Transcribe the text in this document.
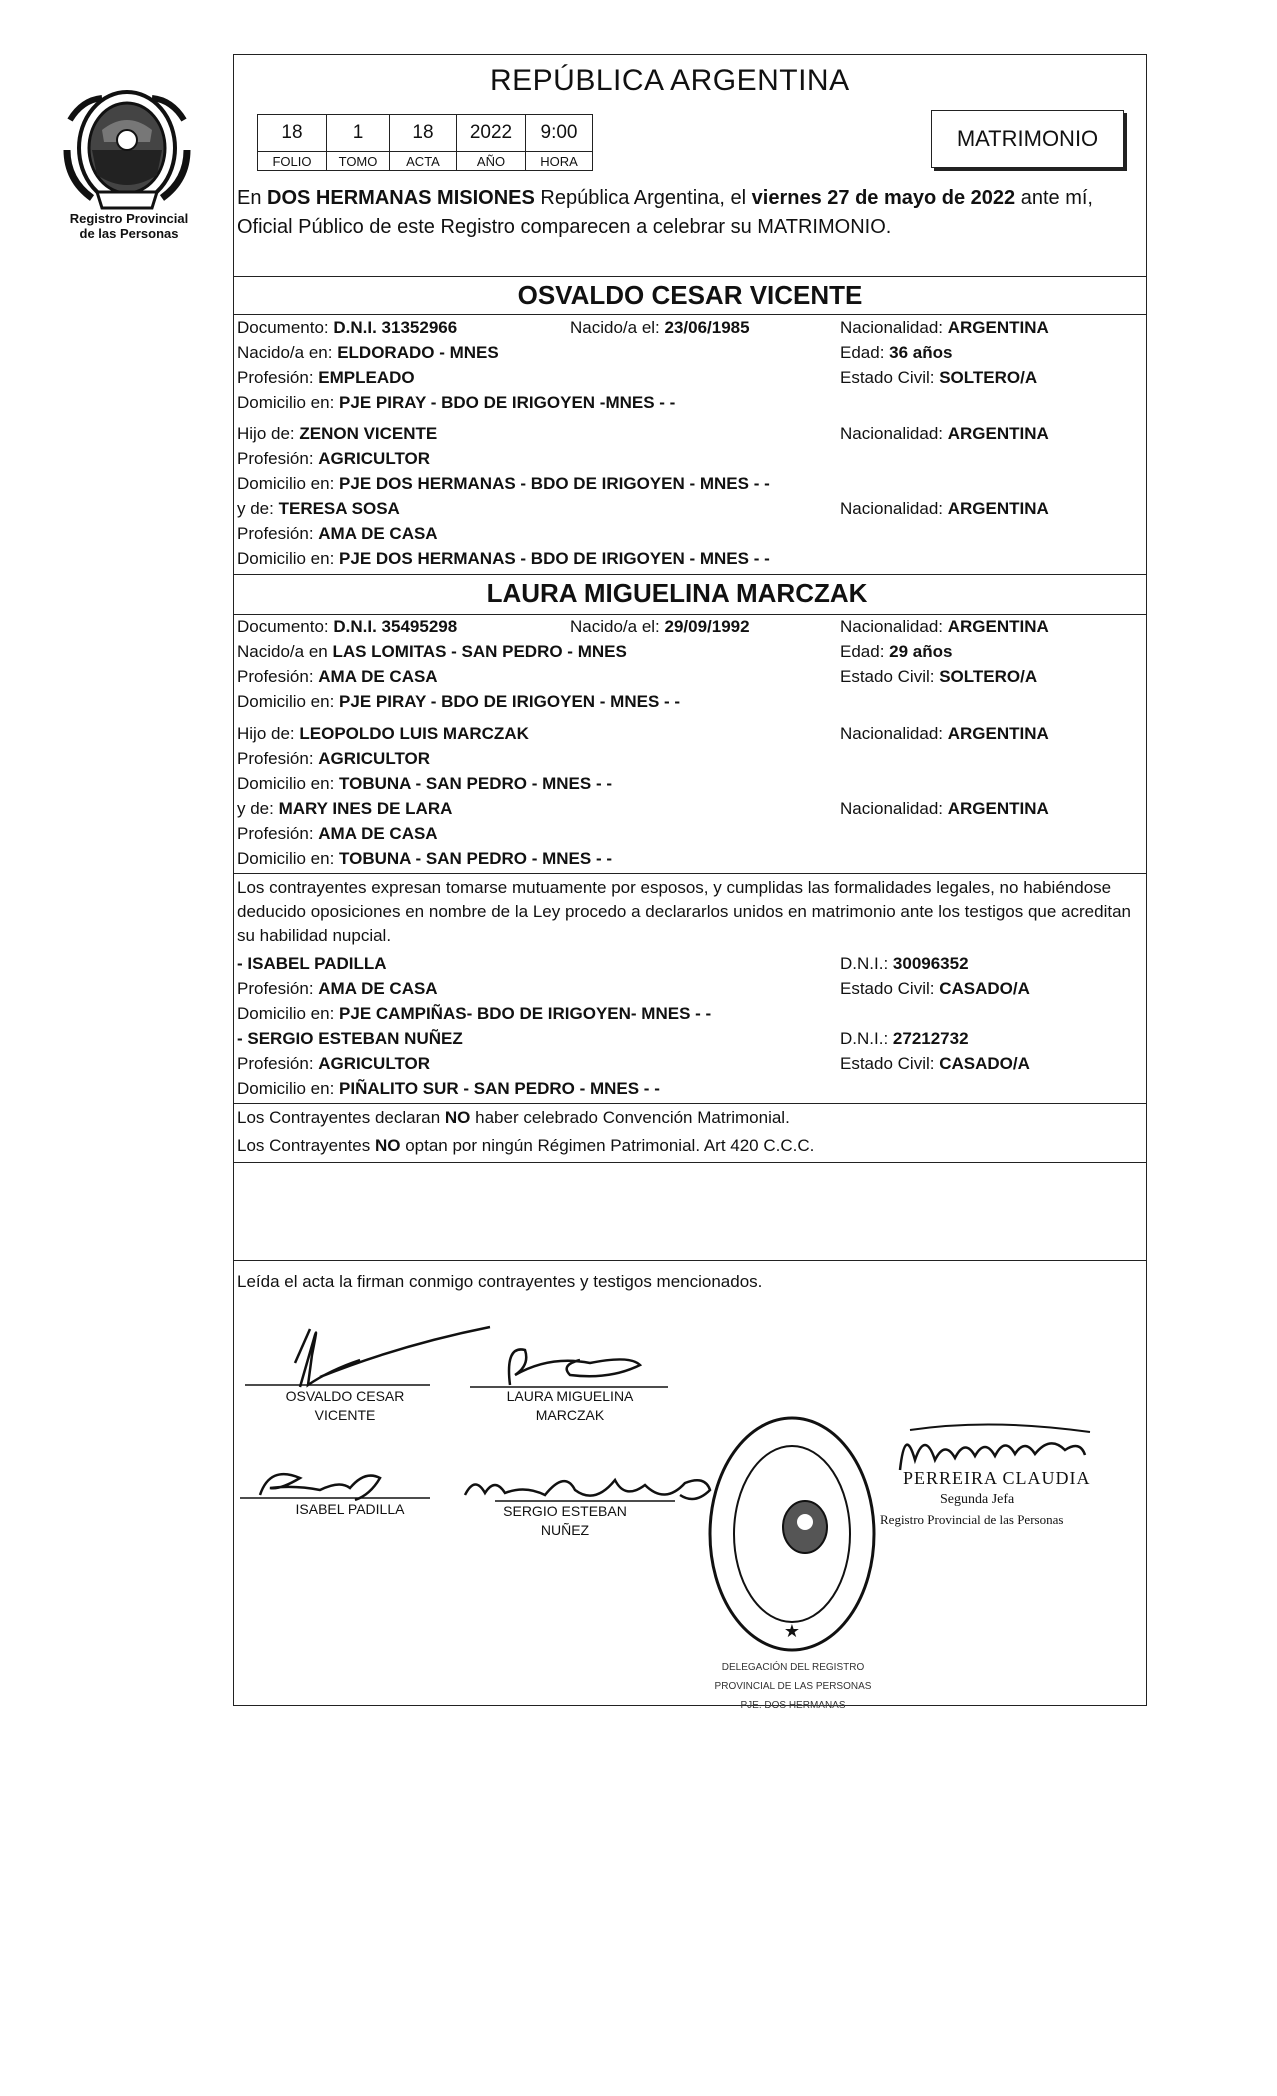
Registro Provincial
de las Personas
REPÚBLICA ARGENTINA
18	1	18	2022	9:00
FOLIO	TOMO	ACTA	AÑO	HORA
MATRIMONIO
En DOS HERMANAS MISIONES República Argentina, el viernes 27 de mayo de 2022 ante mí, Oficial Público de este Registro comparecen a celebrar su MATRIMONIO.
OSVALDO CESAR VICENTE
Documento: D.N.I. 31352966	Nacido/a el: 23/06/1985	Nacionalidad: ARGENTINA
Nacido/a en: ELDORADO - MNES	Edad: 36 años
Profesión: EMPLEADO	Estado Civil: SOLTERO/A
Domicilio en: PJE PIRAY - BDO DE IRIGOYEN -MNES - -
Hijo de: ZENON VICENTE	Nacionalidad: ARGENTINA
Profesión: AGRICULTOR
Domicilio en: PJE DOS HERMANAS - BDO DE IRIGOYEN - MNES - -
y de: TERESA SOSA	Nacionalidad: ARGENTINA
Profesión: AMA DE CASA
Domicilio en: PJE DOS HERMANAS - BDO DE IRIGOYEN - MNES - -
LAURA MIGUELINA MARCZAK
Documento: D.N.I. 35495298	Nacido/a el: 29/09/1992	Nacionalidad: ARGENTINA
Nacido/a en LAS LOMITAS - SAN PEDRO - MNES	Edad: 29 años
Profesión: AMA DE CASA	Estado Civil: SOLTERO/A
Domicilio en: PJE PIRAY - BDO DE IRIGOYEN - MNES - -
Hijo de: LEOPOLDO LUIS MARCZAK	Nacionalidad: ARGENTINA
Profesión: AGRICULTOR
Domicilio en: TOBUNA - SAN PEDRO - MNES - -
y de: MARY INES DE LARA	Nacionalidad: ARGENTINA
Profesión: AMA DE CASA
Domicilio en: TOBUNA - SAN PEDRO - MNES - -
Los contrayentes expresan tomarse mutuamente por esposos, y cumplidas las formalidades legales, no habiéndose deducido oposiciones en nombre de la Ley procedo a declararlos unidos en matrimonio ante los testigos que acreditan su habilidad nupcial.
- ISABEL PADILLA	D.N.I.: 30096352
Profesión: AMA DE CASA	Estado Civil: CASADO/A
Domicilio en: PJE CAMPIÑAS- BDO DE IRIGOYEN- MNES - -
- SERGIO ESTEBAN NUÑEZ	D.N.I.: 27212732
Profesión: AGRICULTOR	Estado Civil: CASADO/A
Domicilio en: PIÑALITO SUR - SAN PEDRO - MNES - -
Los Contrayentes declaran NO haber celebrado Convención Matrimonial.
Los Contrayentes NO optan por ningún Régimen Patrimonial. Art 420 C.C.C.
Leída el acta la firman conmigo contrayentes y testigos mencionados.
OSVALDO CESAR
VICENTE
LAURA MIGUELINA
MARCZAK
ISABEL PADILLA	SERGIO ESTEBAN
NUÑEZ
★
DELEGACIÓN DEL REGISTRO PROVINCIAL DE LAS PERSONAS
PJE. DOS HERMANAS
PERREIRA CLAUDIA
Segunda Jefa
Registro Provincial de las Personas
